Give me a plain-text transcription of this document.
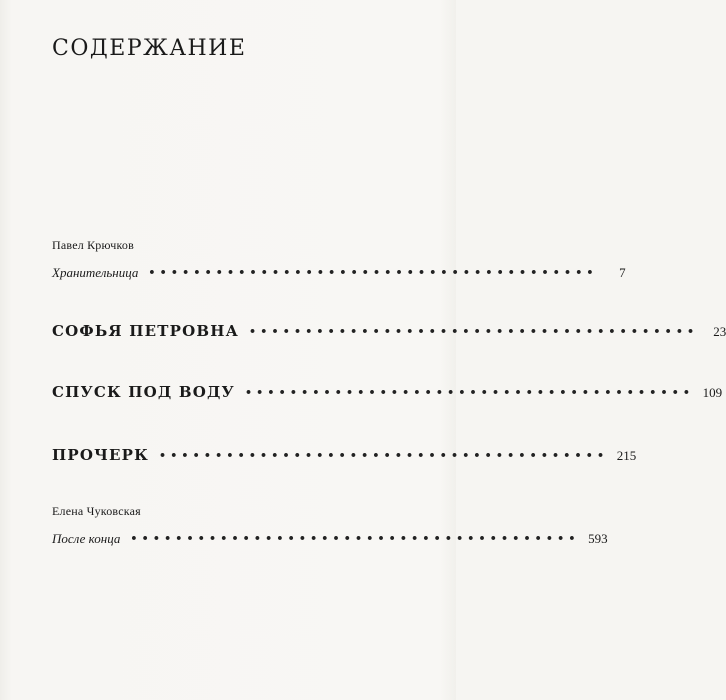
СОДЕРЖАНИЕ
Павел Крючков
Хранительница ••••••••••••••••••••••••••••••••••••••••	7
СОФЬЯ ПЕТРОВНА ••••••••••••••••••••••••••••••••••••••••	23
СПУСК ПОД ВОДУ •••••••••••••••••••••••••••••••••••••••• 109
ПРОЧЕРК •••••••••••••••••••••••••••••••••••••••• 215
Елена Чуковская
После конца •••••••••••••••••••••••••••••••••••••••• 593
